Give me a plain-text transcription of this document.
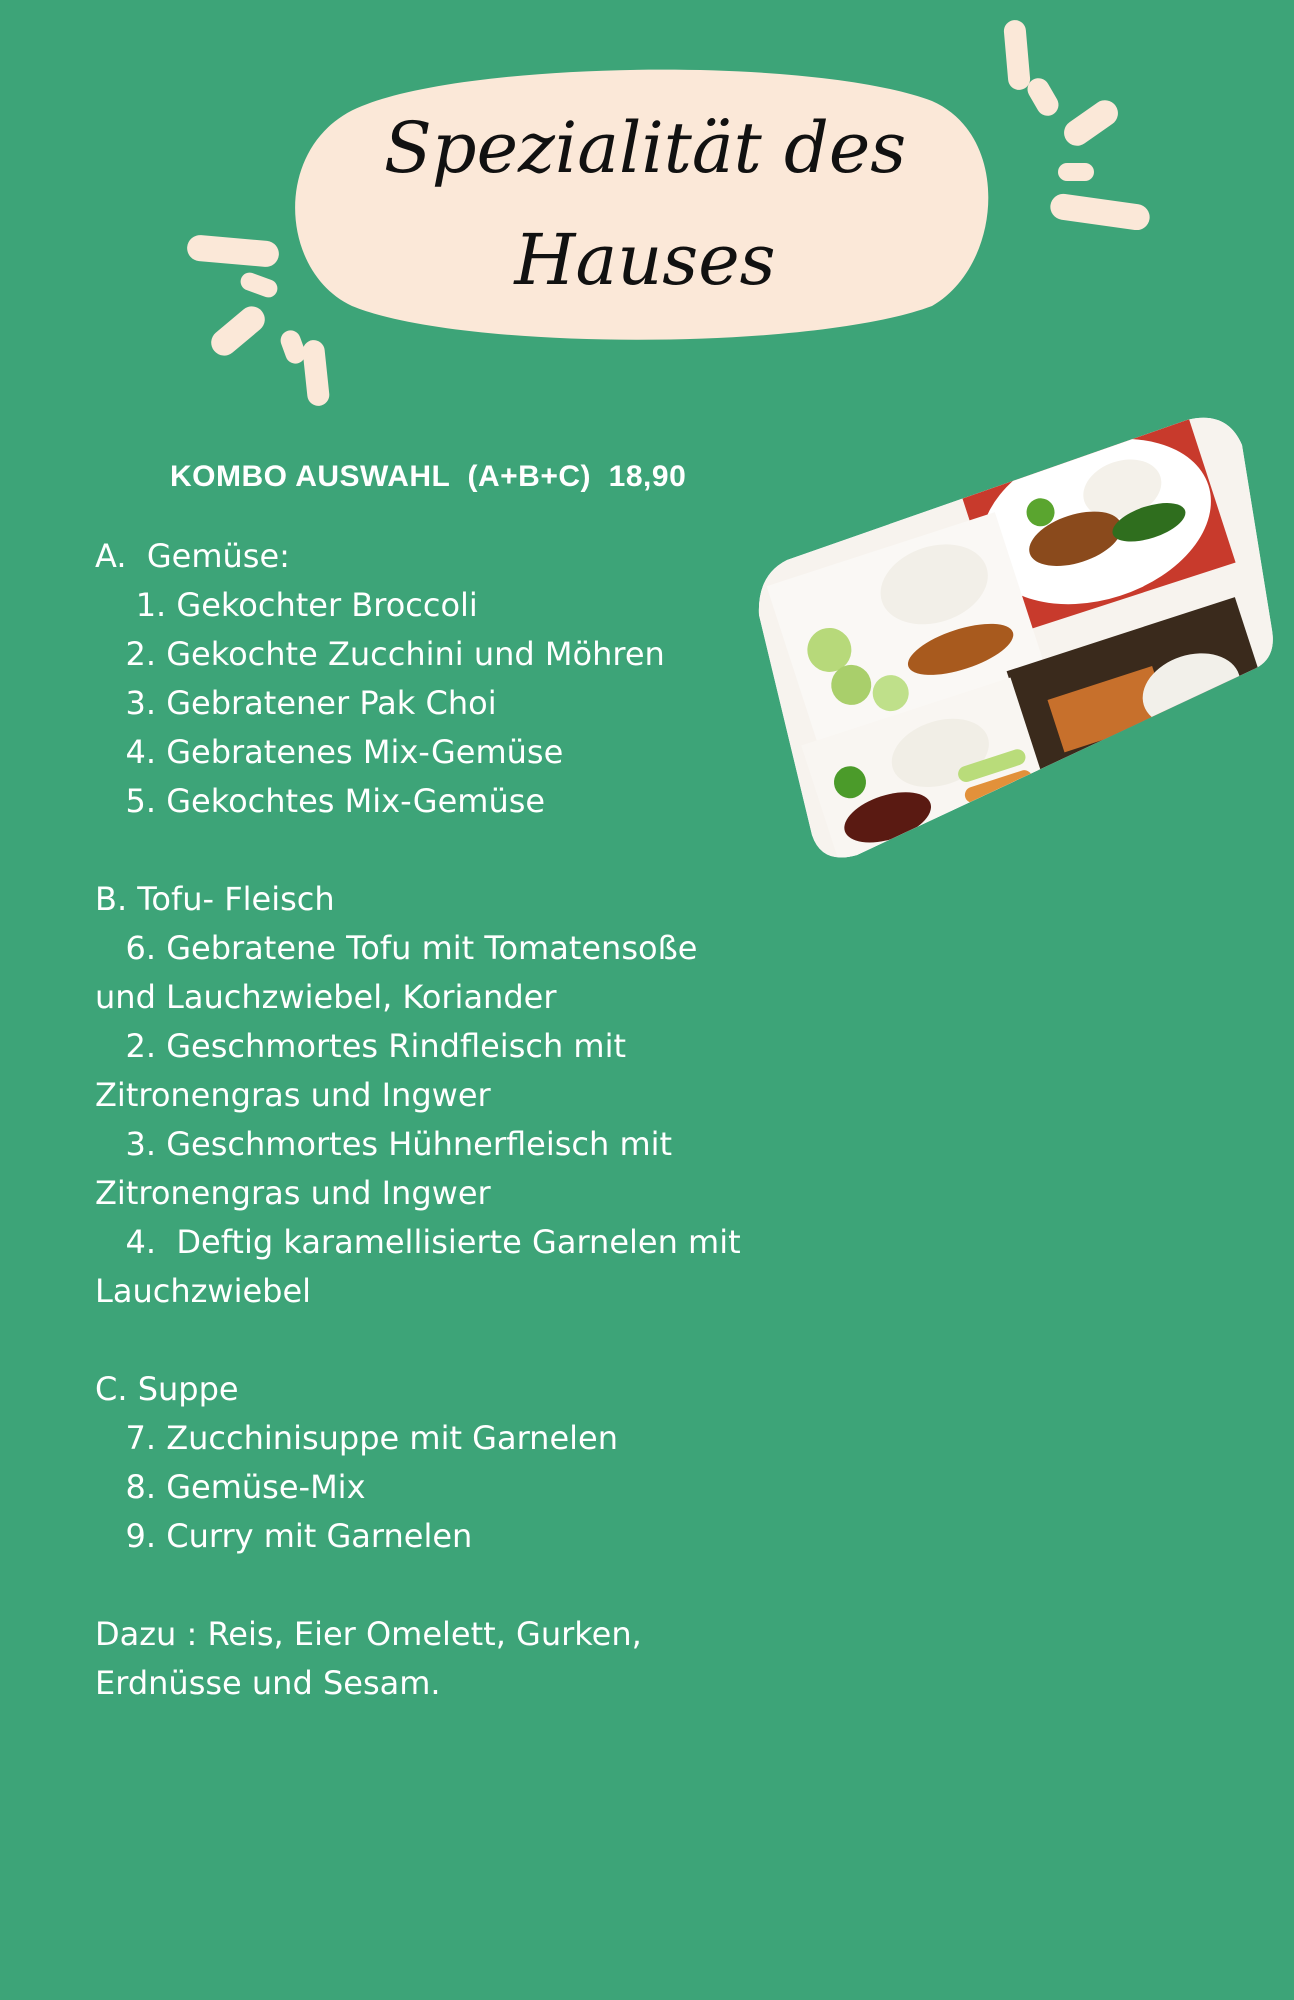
Spezialität des
Hauses
KOMBO AUSWAHL  (A+B+C)  18,90
A.  Gemüse:
1. Gekochter Broccoli
2. Gekochte Zucchini und Möhren
3. Gebratener Pak Choi
4. Gebratenes Mix-Gemüse
5. Gekochtes Mix-Gemüse
B. Tofu- Fleisch
6. Gebratene Tofu mit Tomatensoße
und Lauchzwiebel, Koriander
2. Geschmortes Rindfleisch mit
Zitronengras und Ingwer
3. Geschmortes Hühnerfleisch mit
Zitronengras und Ingwer
4.  Deftig karamellisierte Garnelen mit
Lauchzwiebel
C. Suppe
7. Zucchinisuppe mit Garnelen
8. Gemüse-Mix
9. Curry mit Garnelen
Dazu : Reis, Eier Omelett, Gurken,
Erdnüsse und Sesam.
